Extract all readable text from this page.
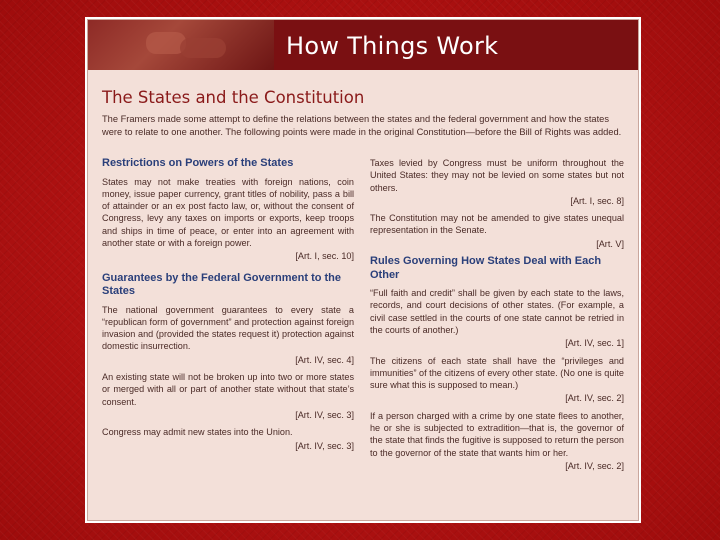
How Things Work
The States and the Constitution
The Framers made some attempt to define the relations between the states and the federal government and how the states were to relate to one another. The following points were made in the original Constitution—before the Bill of Rights was added.
Restrictions on Powers of the States

States may not make treaties with foreign nations, coin money, issue paper currency, grant titles of nobility, pass a bill of attainder or an ex post facto law, or, without the consent of Congress, levy any taxes on imports or exports, keep troops and ships in time of peace, or enter into an agreement with another state or with a foreign power.

[Art. I, sec. 10]
Guarantees by the Federal Government to the States

The national government guarantees to every state a “republican form of government” and protection against foreign invasion and (provided the states request it) protection against domestic insurrection.

[Art. IV, sec. 4]

An existing state will not be broken up into two or more states or merged with all or part of another state without that state’s consent.

[Art. IV, sec. 3]

Congress may admit new states into the Union.

[Art. IV, sec. 3]

Taxes levied by Congress must be uniform throughout the United States: they may not be levied on some states but not others.

[Art. I, sec. 8]

The Constitution may not be amended to give states unequal representation in the Senate.

[Art. V]
Rules Governing How States Deal with Each Other

“Full faith and credit” shall be given by each state to the laws, records, and court decisions of other states. (For example, a civil case settled in the courts of one state cannot be retried in the courts of another.)

[Art. IV, sec. 1]

The citizens of each state shall have the “privileges and immunities” of the citizens of every other state. (No one is quite sure what this is supposed to mean.)

[Art. IV, sec. 2]

If a person charged with a crime by one state flees to another, he or she is subjected to extradition—that is, the governor of the state that finds the fugitive is supposed to return the person to the governor of the state that wants him or her.

[Art. IV, sec. 2]
